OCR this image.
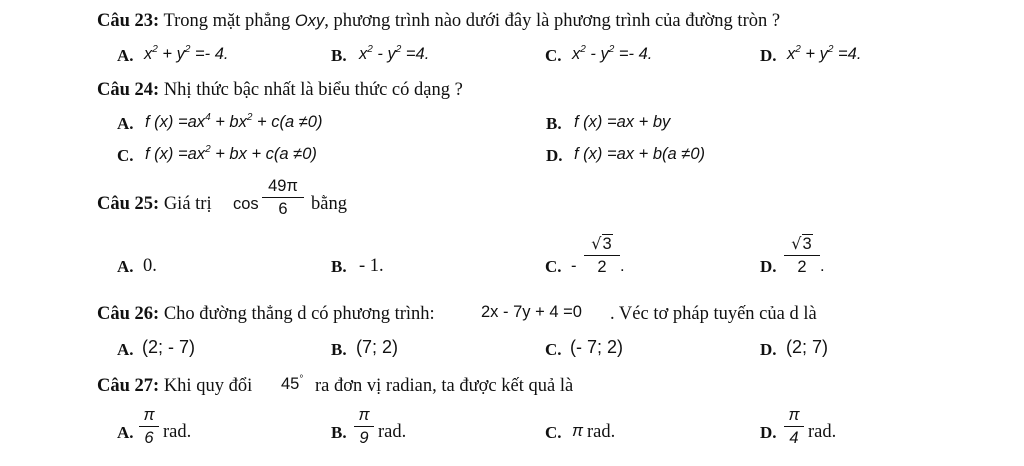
Câu 23: Trong mặt phẳng Oxy, phương trình nào dưới đây là phương trình của đường tròn ?
A. $x^2 + y^2 =- 4$.	B. $x^2 - y^2 =4$.	C. $x^2 - y^2 =- 4$.	D. $x^2 + y^2 =4$.
Câu 24: Nhị thức bậc nhất là biểu thức có dạng ?
A. f $(x) =ax^4 + bx^2 + c(a \ne 0)$	B. f (x) =ax + by
C. f $(x) =ax^2$ + bx + c(a ≠0)	D. f (x) =ax + b(a ≠0)
Câu 25: Giá trị cos
49π
6	bằng
A. 0.	B. - 1.	C. -
√3
2 .	D.
√3
2 .
Câu 26: Cho đường thẳng d có phương trình:	2x - 7y + 4 =0 . Véc tơ pháp tuyến của d là
A. (2; - 7)	B. (7; 2)	C. (- 7; 2)	D. (2; 7)
Câu 27: Khi quy đổi 45° ra đơn vị radian, ta được kết quả là
A.
π
6 rad.	B.
π
9 rad.	C. π rad.	D.
π
4 rad.
